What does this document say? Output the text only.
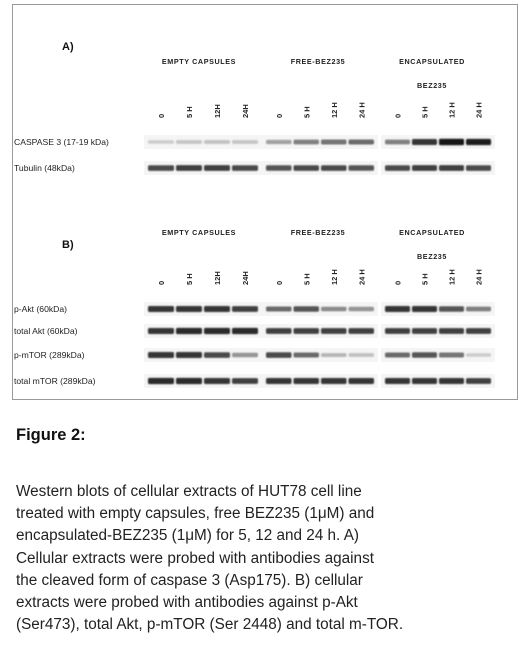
A)
EMPTY CAPSULES
0	5 H	12H	24H
FREE-BEZ235
0 5 H 12 H 24 H
ENCAPSULATED
BEZ235
0 5 H 12 H 24 H
CASPASE 3 (17-19 kDa)
Tubulin (48kDa)
B)
EMPTY CAPSULES
0	5 H	12H	24H
FREE-BEZ235
0 5 H 12 H 24 H
ENCAPSULATED
BEZ235
0 5 H 12 H 24 H
p-Akt (60kDa)
total Akt (60kDa)
p-mTOR (289kDa)
total mTOR (289kDa)
Figure 2:

Western blots of cellular extracts of HUT78 cell line
treated with empty capsules, free BEZ235 (1μM) and
encapsulated-BEZ235 (1μM) for 5, 12 and 24 h. A)
Cellular extracts were probed with antibodies against
the cleaved form of caspase 3 (Asp175). B) cellular
extracts were probed with antibodies against p-Akt
(Ser473), total Akt, p-mTOR (Ser 2448) and total m-TOR.
